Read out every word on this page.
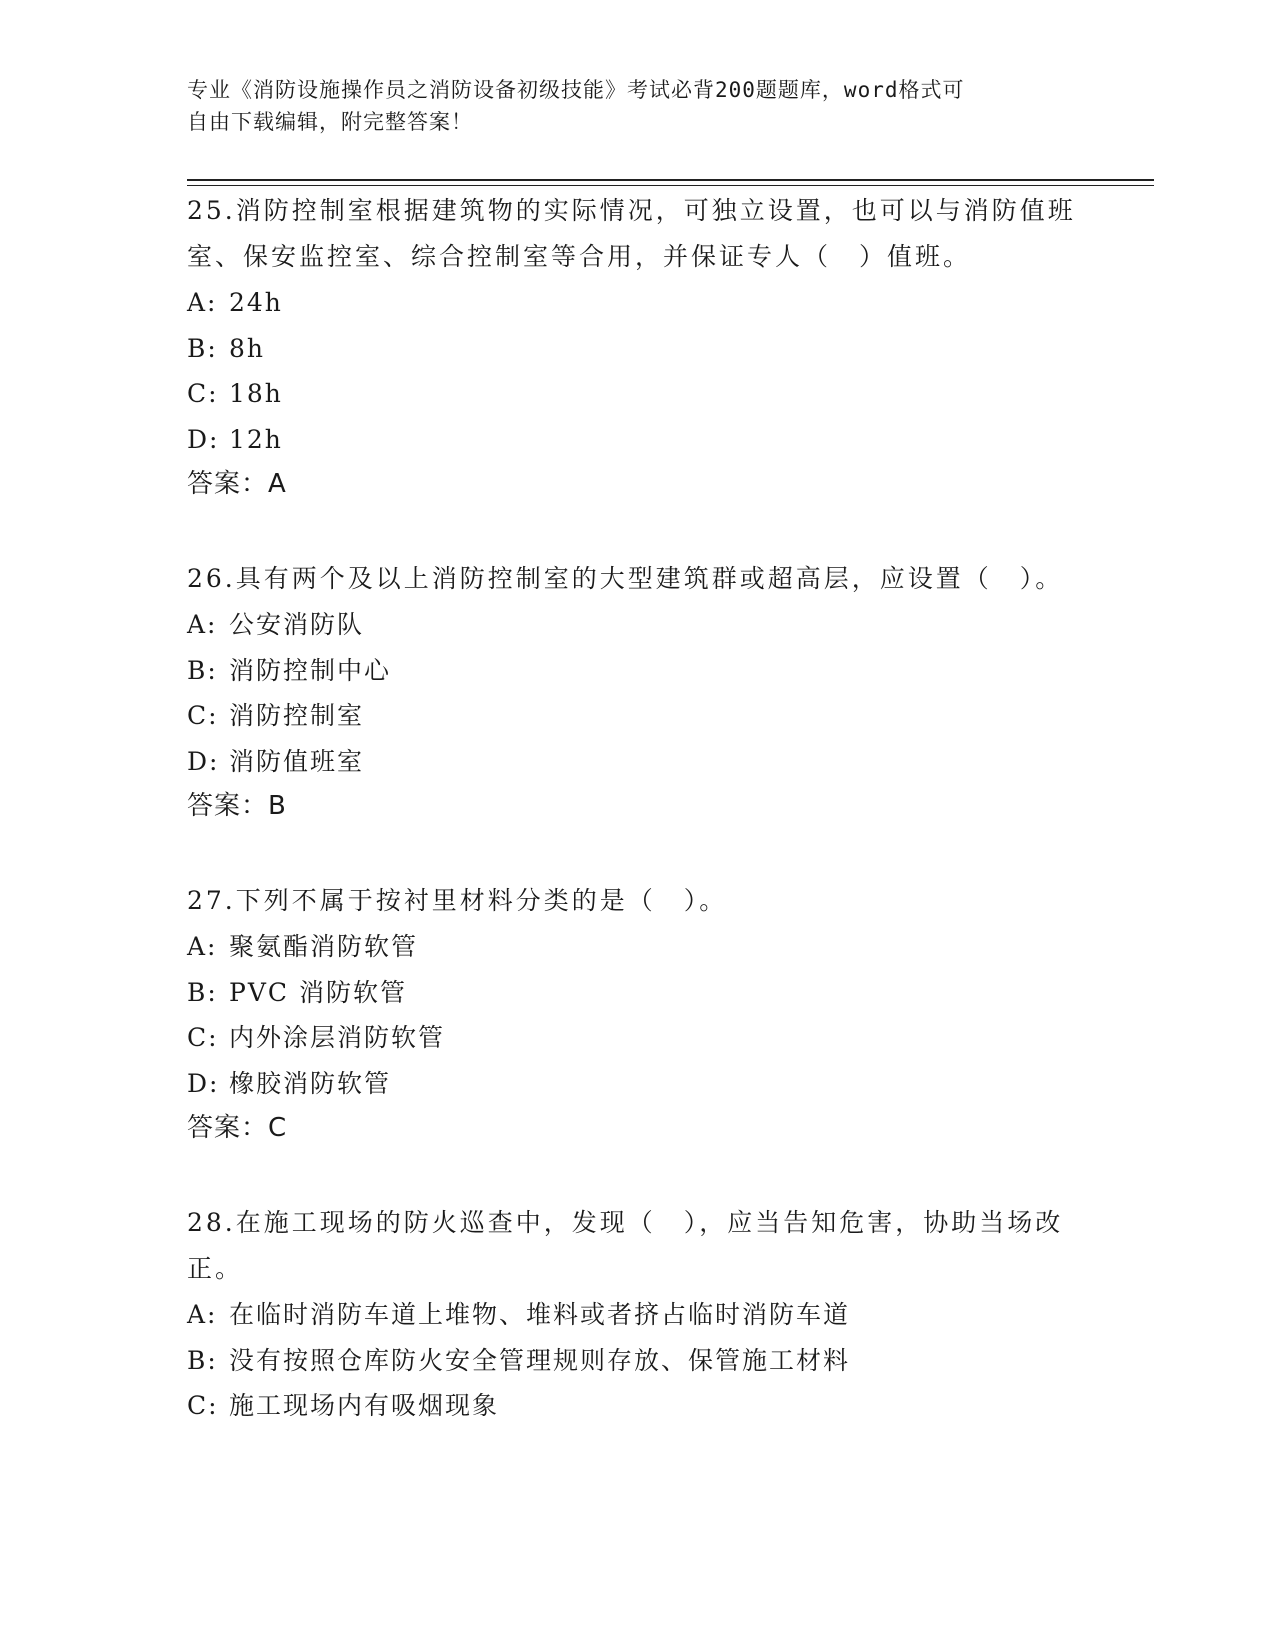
专业《消防设施操作员之消防设备初级技能》考试必背200题题库，word格式可
自由下载编辑，附完整答案！

25.消防控制室根据建筑物的实际情况，可独立设置，也可以与消防值班室、保安监控室、综合控制室等合用，并保证专人（　）值班。

A: 24h

B: 8h

C: 18h

D: 12h

答案：A

26.具有两个及以上消防控制室的大型建筑群或超高层，应设置（　）。

A: 公安消防队

B: 消防控制中心

C: 消防控制室

D: 消防值班室

答案：B

27.下列不属于按衬里材料分类的是（　）。

A: 聚氨酯消防软管

B: PVC 消防软管

C: 内外涂层消防软管

D: 橡胶消防软管

答案：C

28.在施工现场的防火巡查中，发现（　），应当告知危害，协助当场改正。

A: 在临时消防车道上堆物、堆料或者挤占临时消防车道

B: 没有按照仓库防火安全管理规则存放、保管施工材料

C: 施工现场内有吸烟现象
